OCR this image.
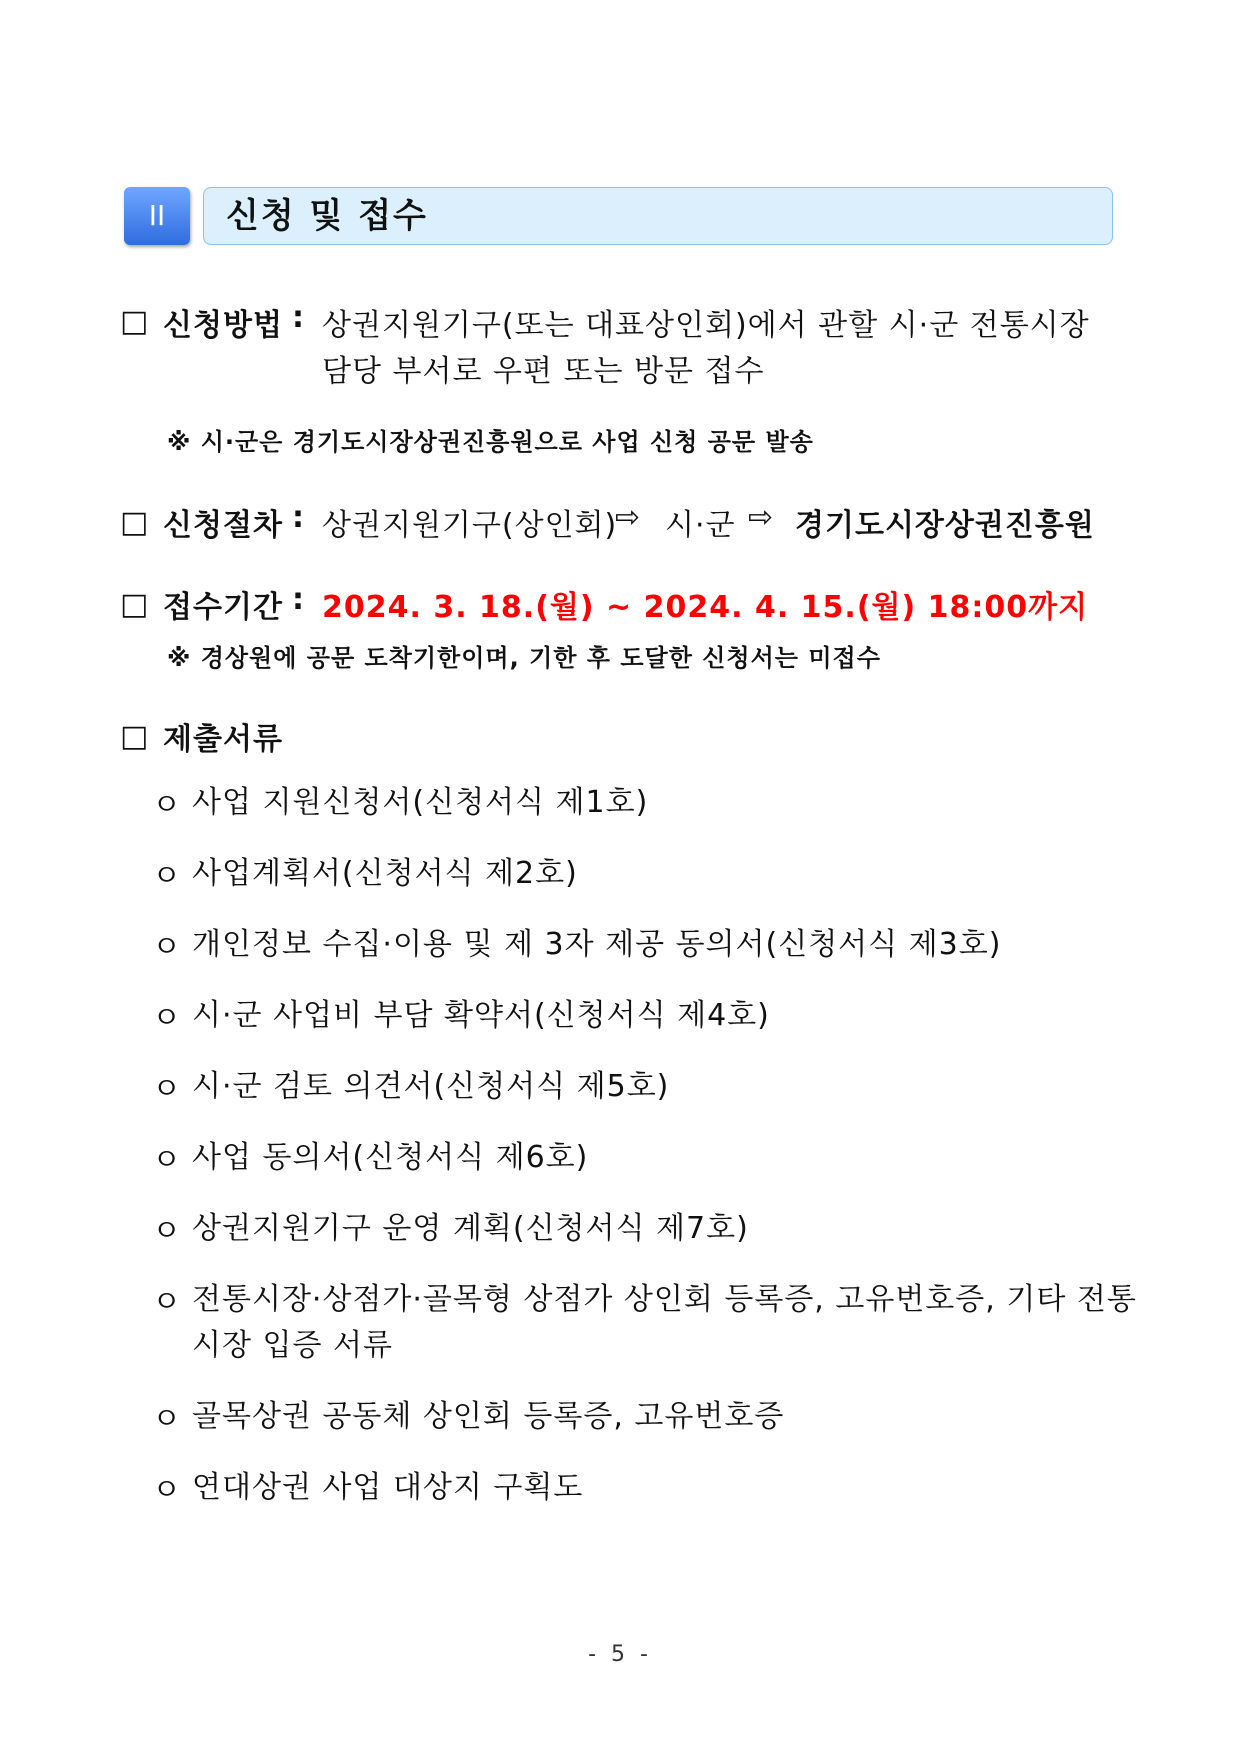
II	신청 및 접수
□ 신청방법 : 상권지원기구(또는 대표상인회)에서 관할 시·군 전통시장
담당 부서로 우편 또는 방문 접수
※ 시·군은 경기도시장상권진흥원으로 사업 신청 공문 발송
□ 신청절차 : 상권지원기구(상인회)
⇨ 시·군 ⇨ 경기도시장상권진흥원
□ 접수기간 : 2024. 3. 18.(월) ~ 2024. 4. 15.(월) 18:00까지
※ 경상원에 공문 도착기한이며, 기한 후 도달한 신청서는 미접수
□ 제출서류
ㅇ 사업 지원신청서(신청서식 제1호)
ㅇ 사업계획서(신청서식 제2호)
ㅇ 개인정보 수집·이용 및 제 3자 제공 동의서(신청서식 제3호)
ㅇ 시·군 사업비 부담 확약서(신청서식 제4호)
ㅇ 시·군 검토 의견서(신청서식 제5호)
ㅇ 사업 동의서(신청서식 제6호)
ㅇ 상권지원기구 운영 계획(신청서식 제7호)
ㅇ 전통시장·상점가·골목형 상점가 상인회 등록증, 고유번호증, 기타 전통
시장 입증 서류
ㅇ 골목상권 공동체 상인회 등록증, 고유번호증
ㅇ 연대상권 사업 대상지 구획도
- 5 -
